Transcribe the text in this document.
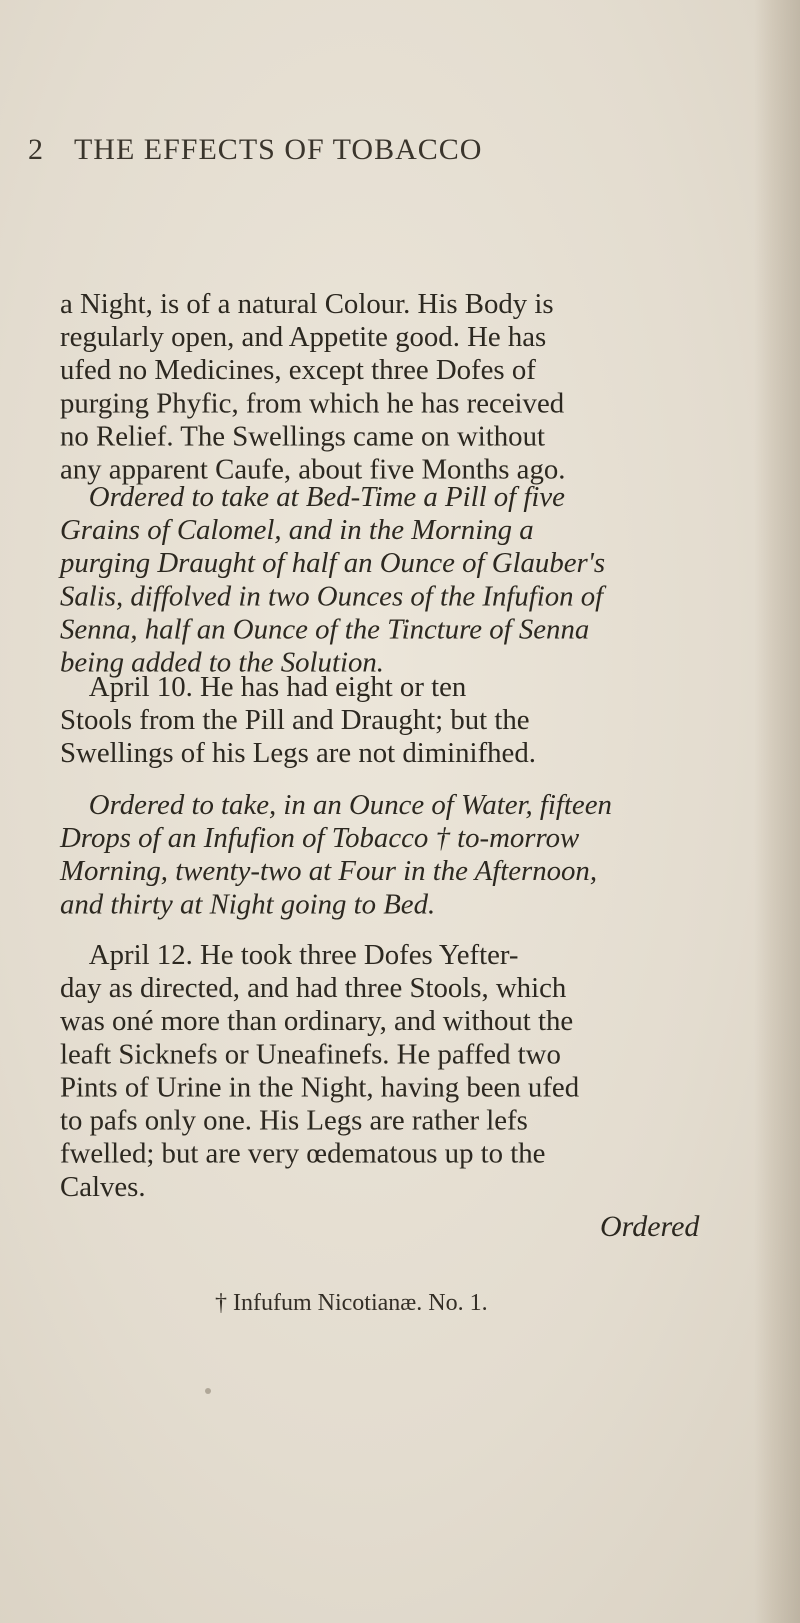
2 THE EFFECTS OF TOBACCO
a Night, is of a natural Colour. His Body is
regularly open, and Appetite good. He has
ufed no Medicines, except three Dofes of
purging Phyfic, from which he has received
no Relief. The Swellings came on without
any apparent Caufe, about five Months ago.
Ordered to take at Bed-Time a Pill of five
Grains of Calomel, and in the Morning a
purging Draught of half an Ounce of Glauber's
Salis, diffolved in two Ounces of the Infufion of
Senna, half an Ounce of the Tincture of Senna
being added to the Solution.
April 10. He has had eight or ten
Stools from the Pill and Draught; but the
Swellings of his Legs are not diminifhed.
Ordered to take, in an Ounce of Water, fifteen
Drops of an Infufion of Tobacco † to-morrow
Morning, twenty-two at Four in the Afternoon,
and thirty at Night going to Bed.
April 12. He took three Dofes Yefter-
day as directed, and had three Stools, which
was oné more than ordinary, and without the
leaft Sicknefs or Uneafinefs. He paffed two
Pints of Urine in the Night, having been ufed
to pafs only one. His Legs are rather lefs
fwelled; but are very œdematous up to the
Calves.
Ordered
† Infufum Nicotianæ. No. 1.
